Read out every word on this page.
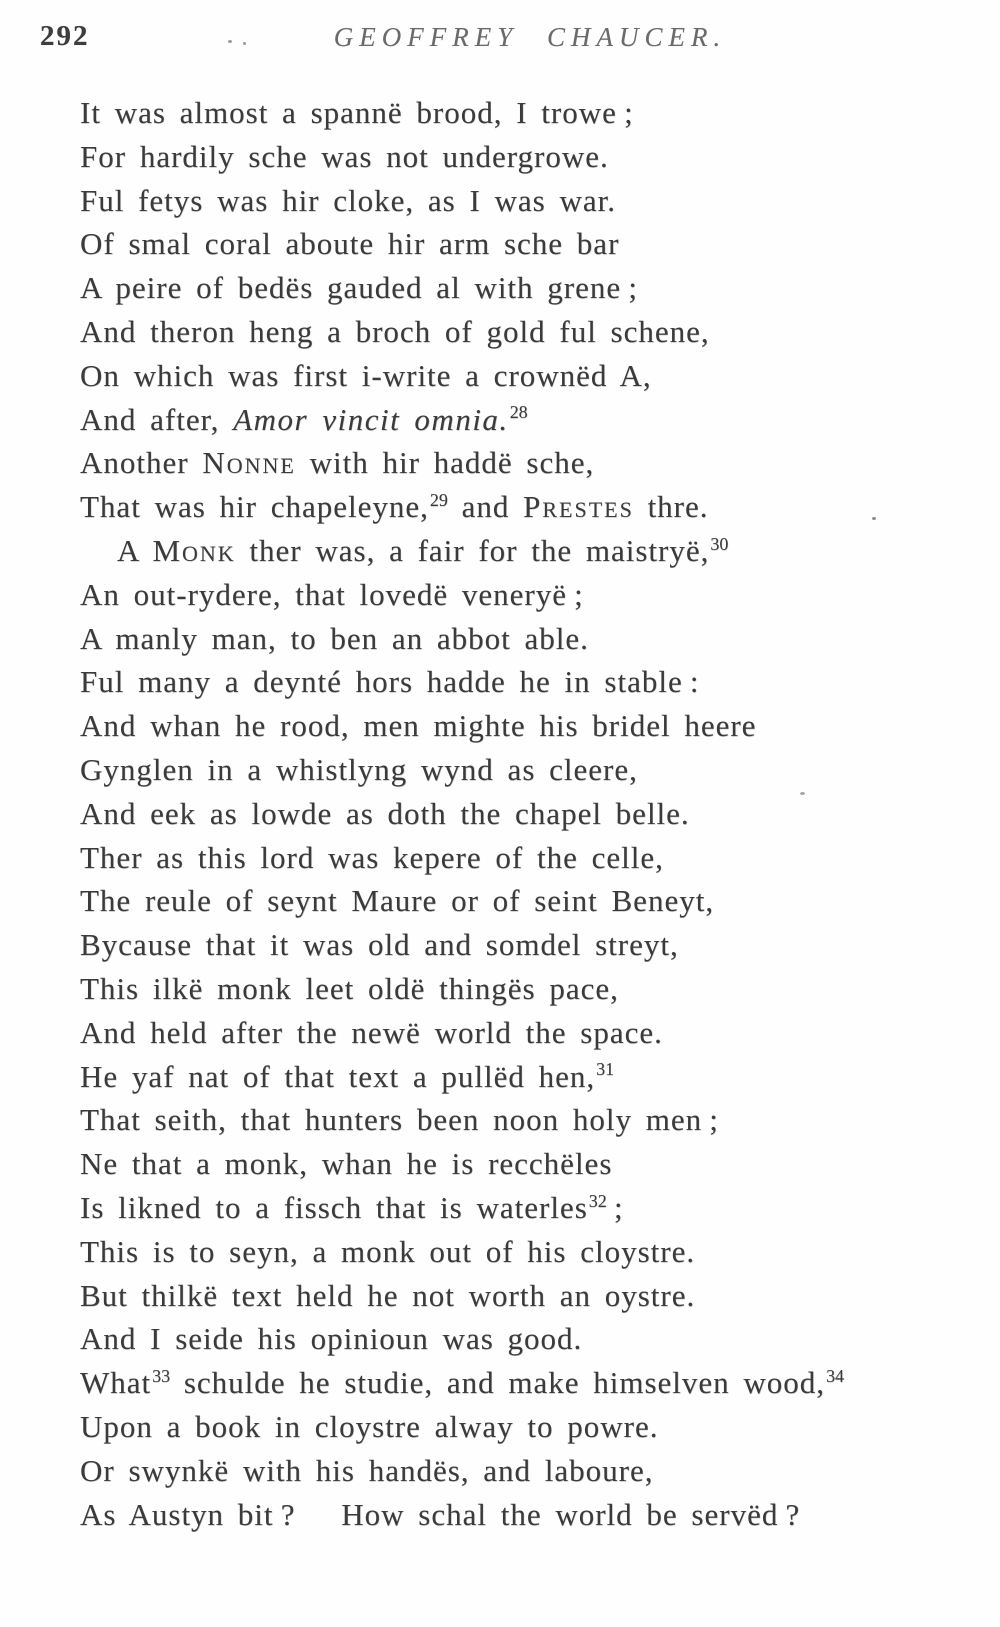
292	GEOFFREY CHAUCER.
It was almost a spannë brood, I trowe ;
For hardily sche was not undergrowe.
Ful fetys was hir cloke, as I was war.
Of smal coral aboute hir arm sche bar
A peire of bedës gauded al with grene ;
And theron heng a broch of gold ful schene,
On which was first i-write a crownëd A,
And after, Amor vincit omnia.28
Another Nonne with hir haddë sche,
That was hir chapeleyne,29 and Prestes thre.
A Monk ther was, a fair for the maistryë,30
An out-rydere, that lovedë veneryë ;
A manly man, to ben an abbot able.
Ful many a deynté hors hadde he in stable :
And whan he rood, men mighte his bridel heere
Gynglen in a whistlyng wynd as cleere,
And eek as lowde as doth the chapel belle.
Ther as this lord was kepere of the celle,
The reule of seynt Maure or of seint Beneyt,
Bycause that it was old and somdel streyt,
This ilkë monk leet oldë thingës pace,
And held after the newë world the space.
He yaf nat of that text a pullëd hen,31
That seith, that hunters been noon holy men ;
Ne that a monk, whan he is recchëles
Is likned to a fissch that is waterles32 ;
This is to seyn, a monk out of his cloystre.
But thilkë text held he not worth an oystre.
And I seide his opinioun was good.
What33 schulde he studie, and make himselven wood,34
Upon a book in cloystre alway to powre.
Or swynkë with his handës, and laboure,
As Austyn bit ?  How schal the world be servëd ?
